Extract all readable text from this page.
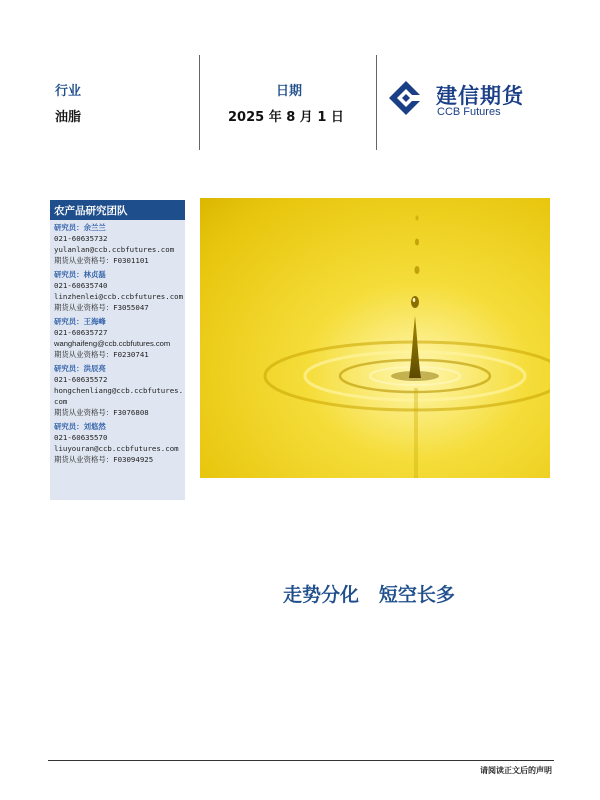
行业
油脂
日期
2025 年 8 月 1 日
建信期货
CCB Futures
农产品研究团队
研究员：余兰兰
021-60635732
yulanlan@ccb.ccbfutures.com
期货从业资格号：F0301101
研究员：林贞磊
021-60635740
linzhenlei@ccb.ccbfutures.com
期货从业资格号：F3055047
研究员：王海峰
021-60635727
wanghaifeng@ccb.ccbfutures.com
期货从业资格号：F0230741
研究员：洪辰亮
021-60635572
hongchenliang@ccb.ccbfutures.com
期货从业资格号：F3076808
研究员：刘悠然
021-60635570
liuyouran@ccb.ccbfutures.com
期货从业资格号：F03094925
走势分化   短空长多
请阅读正文后的声明
